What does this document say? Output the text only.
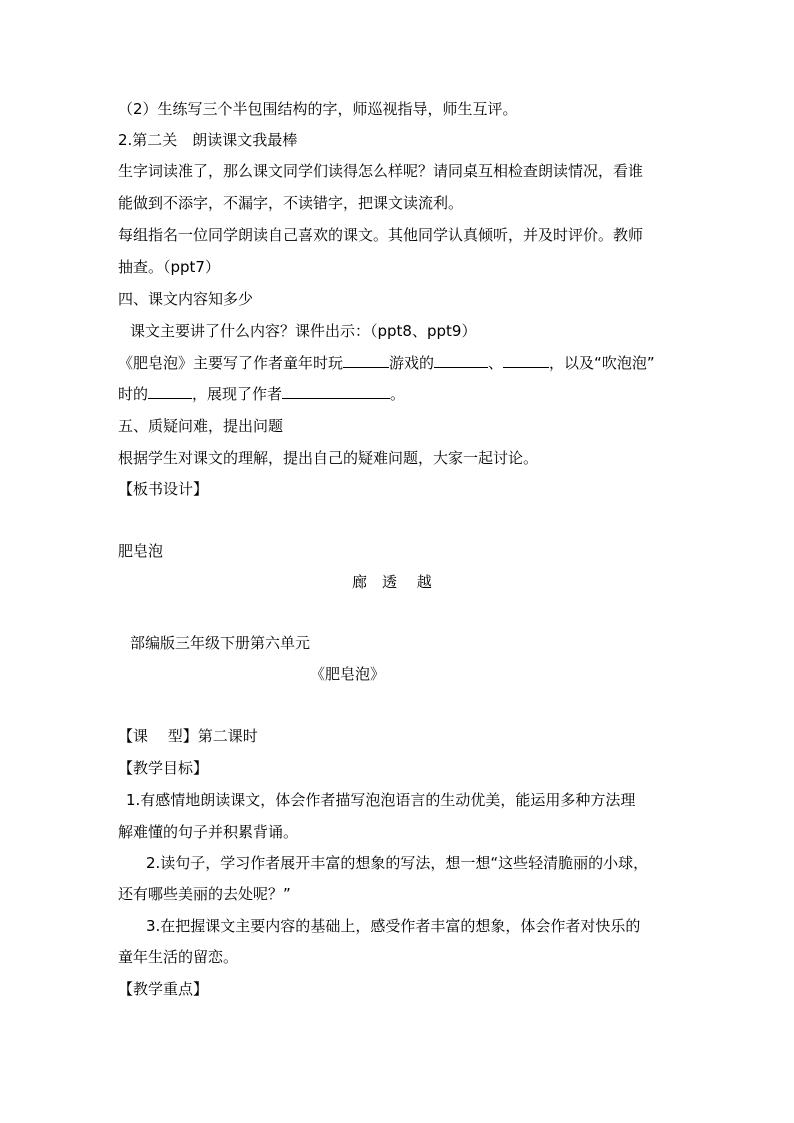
（2）生练写三个半包围结构的字，师巡视指导，师生互评。
2.第二关　朗读课文我最棒
生字词读准了，那么课文同学们读得怎么样呢？请同桌互相检查朗读情况，看谁
能做到不添字，不漏字，不读错字，把课文读流利。
每组指名一位同学朗读自己喜欢的课文。其他同学认真倾听，并及时评价。教师
抽查。（ppt7）
四、课文内容知多少
课文主要讲了什么内容？课件出示：（ppt8、ppt9）
《肥皂泡》主要写了作者童年时玩	游戏的	、	，以及“吹泡泡”
时的	，展现了作者	。
五、质疑问难，提出问题
根据学生对课文的理解，提出自己的疑难问题，大家一起讨论。
【板书设计】
肥皂泡
廊　透　 越
部编版三年级下册第六单元
《肥皂泡》
【课　 型】第二课时
【教学目标】
1.有感情地朗读课文，体会作者描写泡泡语言的生动优美，能运用多种方法理
解难懂的句子并积累背诵。
2.读句子，学习作者展开丰富的想象的写法，想一想“这些轻清脆丽的小球，
还有哪些美丽的去处呢？”
3.在把握课文主要内容的基础上，感受作者丰富的想象，体会作者对快乐的
童年生活的留恋。
【教学重点】
